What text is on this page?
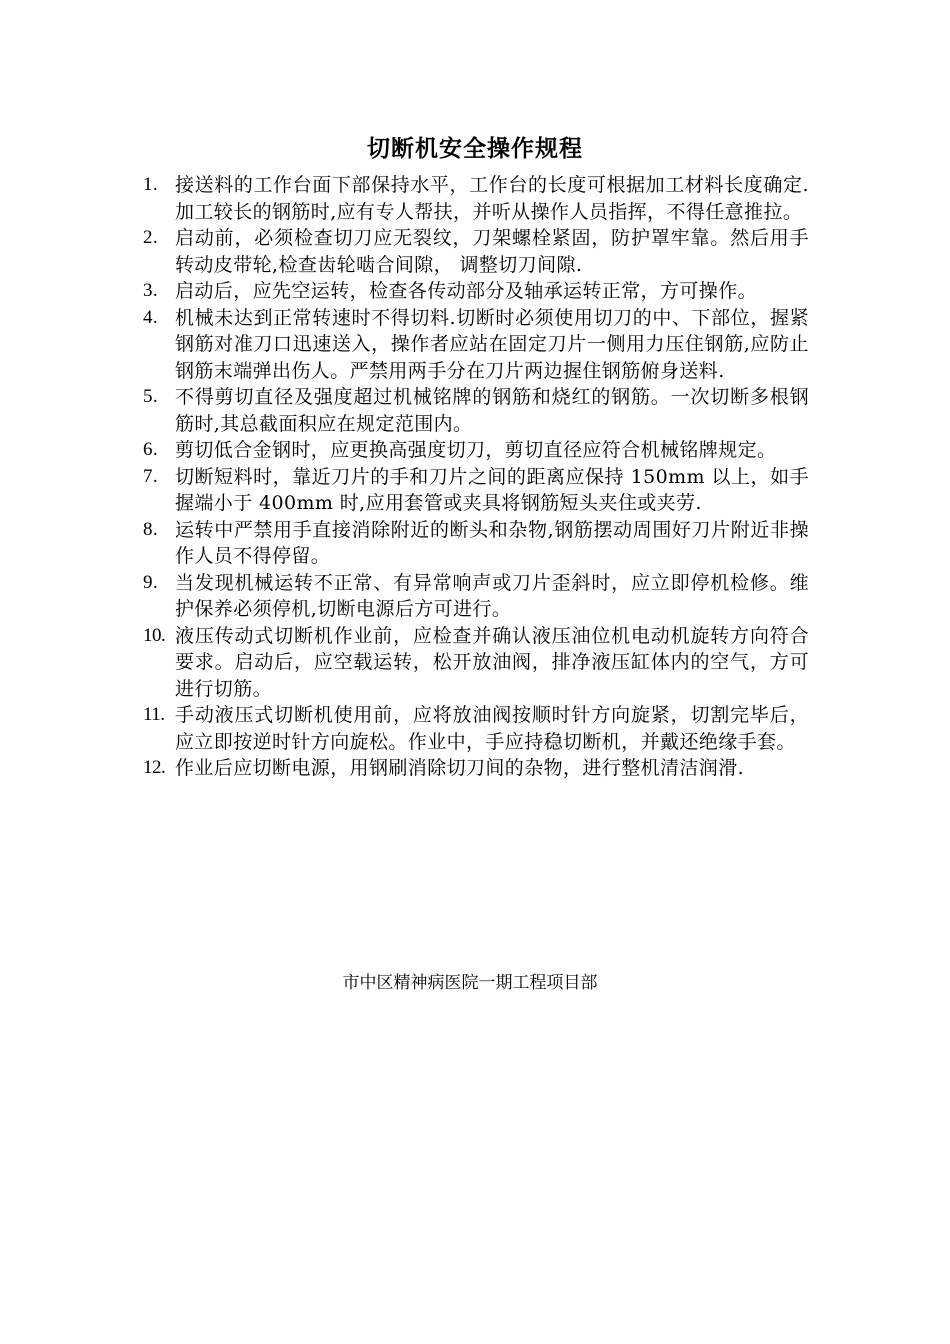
切断机安全操作规程
1. 接送料的工作台面下部保持水平，工作台的长度可根据加工材料长度确定.加工较长的钢筋时,应有专人帮扶，并听从操作人员指挥，不得任意推拉。
2. 启动前，必须检查切刀应无裂纹，刀架螺栓紧固，防护罩牢靠。然后用手转动皮带轮,检查齿轮啮合间隙， 调整切刀间隙.
3. 启动后，应先空运转，检查各传动部分及轴承运转正常，方可操作。
4. 机械未达到正常转速时不得切料.切断时必须使用切刀的中、下部位，握紧钢筋对准刀口迅速送入，操作者应站在固定刀片一侧用力压住钢筋,应防止钢筋末端弹出伤人。严禁用两手分在刀片两边握住钢筋俯身送料.
5. 不得剪切直径及强度超过机械铭牌的钢筋和烧红的钢筋。一次切断多根钢筋时,其总截面积应在规定范围内。
6. 剪切低合金钢时，应更换高强度切刀，剪切直径应符合机械铭牌规定。
7. 切断短料时，靠近刀片的手和刀片之间的距离应保持 150mm 以上，如手握端小于 400mm 时,应用套管或夹具将钢筋短头夹住或夹劳.
8. 运转中严禁用手直接消除附近的断头和杂物,钢筋摆动周围好刀片附近非操作人员不得停留。
9. 当发现机械运转不正常、有异常响声或刀片歪斜时，应立即停机检修。维护保养必须停机,切断电源后方可进行。
10. 液压传动式切断机作业前，应检查并确认液压油位机电动机旋转方向符合要求。启动后，应空载运转，松开放油阀，排净液压缸体内的空气，方可进行切筋。
11. 手动液压式切断机使用前，应将放油阀按顺时针方向旋紧，切割完毕后，应立即按逆时针方向旋松。作业中，手应持稳切断机，并戴还绝缘手套。
12. 作业后应切断电源，用钢刷消除切刀间的杂物，进行整机清洁润滑.

市中区精神病医院一期工程项目部
